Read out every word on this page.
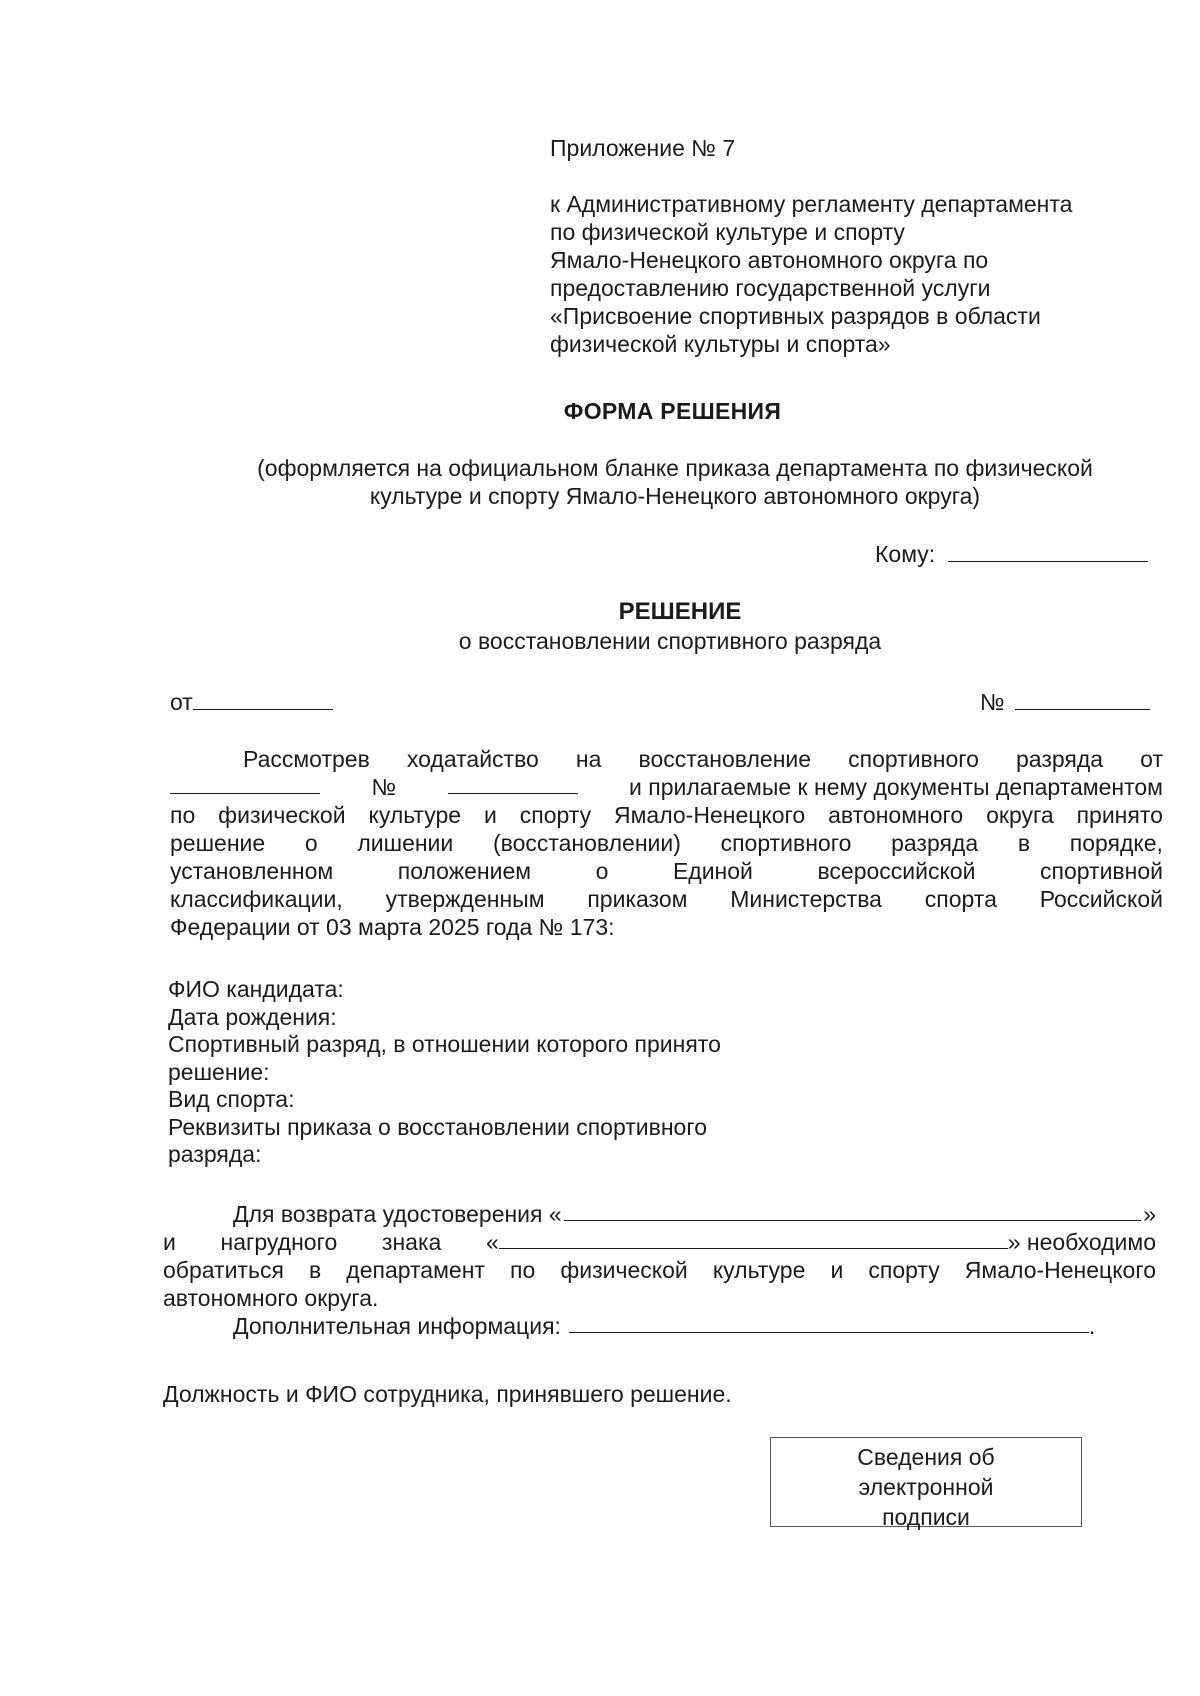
Приложение № 7

к Административному регламенту департамента
по физической культуре и спорту
Ямало-Ненецкого автономного округа по
предоставлению государственной услуги
«Присвоение спортивных разрядов в области
физической культуры и спорта»

ФОРМА РЕШЕНИЯ

(оформляется на официальном бланке приказа департамента по физической
культуре и спорту Ямало-Ненецкого автономного округа)

Кому:

РЕШЕНИЕ

о восстановлении спортивного разряда

от	№
Рассмотрев ходатайство на восстановление спортивного разряда от
№	и прилагаемые к нему документы департаментом
по физической культуре и спорту Ямало-Ненецкого автономного округа принято
решение о лишении (восстановлении) спортивного разряда в порядке,
установленном	положением	о	Единой	всероссийской	спортивной
классификации, утвержденным приказом Министерства спорта Российской
Федерации от 03 марта 2025 года № 173:
ФИО кандидата:
Дата рождения:
Спортивный разряд, в отношении которого принято
решение:
Вид спорта:
Реквизиты приказа о восстановлении спортивного
разряда:
Для возврата удостоверения «	»
и нагрудного знака «	» необходимо
обратиться в департамент по физической культуре и спорту Ямало-Ненецкого
автономного округа.
Дополнительная информация:	.

Должность и ФИО сотрудника, принявшего решение.

Сведения об
электронной
подписи
